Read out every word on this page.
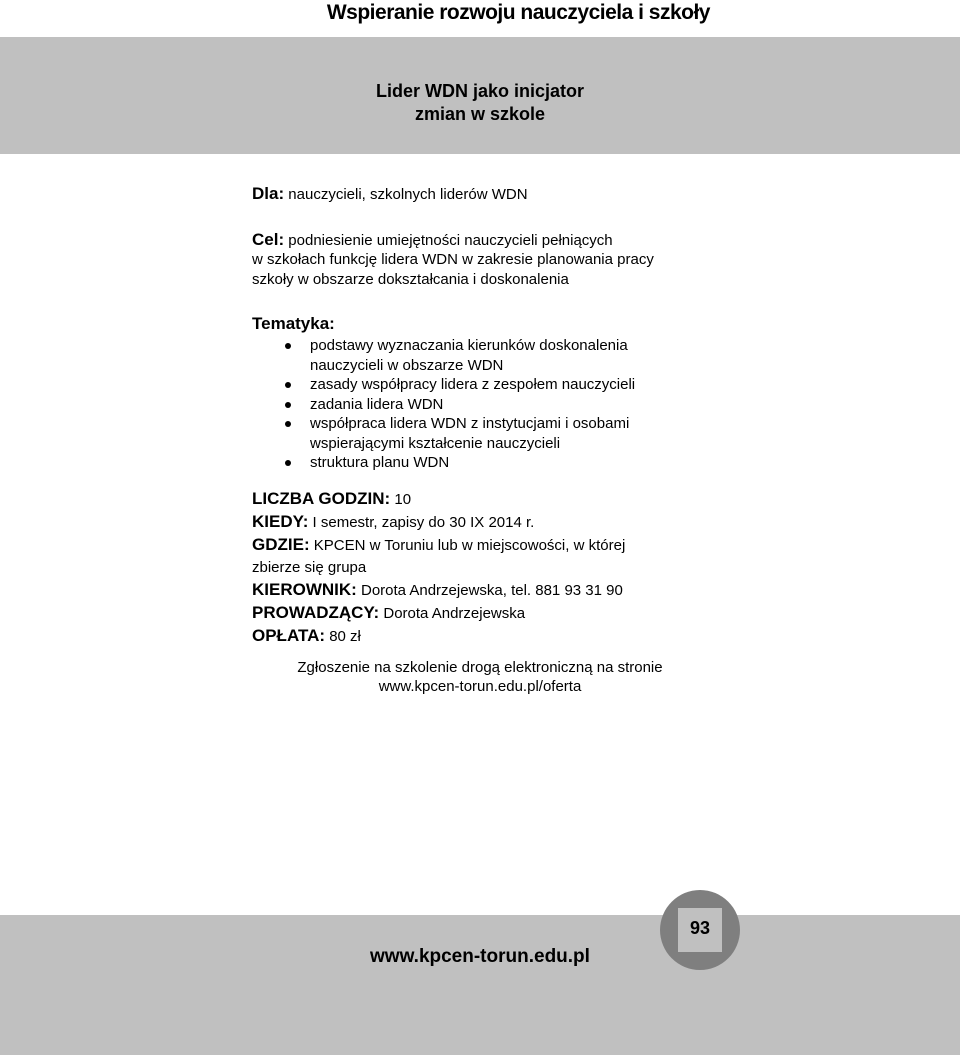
Wspieranie rozwoju nauczyciela i szkoły
Lider WDN jako inicjator
zmian w szkole
Dla: nauczycieli, szkolnych liderów WDN
Cel: podniesienie umiejętności nauczycieli pełniących
w szkołach funkcję lidera WDN w zakresie planowania pracy
szkoły w obszarze dokształcania i doskonalenia
Tematyka:
podstawy wyznaczania kierunków doskonalenia
nauczycieli w obszarze WDN
zasady współpracy lidera z zespołem nauczycieli
zadania lidera WDN
współpraca lidera WDN z instytucjami i osobami
wspierającymi kształcenie nauczycieli
struktura planu WDN
LICZBA GODZIN: 10
KIEDY: I semestr, zapisy do 30 IX 2014 r.
GDZIE: KPCEN w Toruniu lub w miejscowości, w której
zbierze się grupa
KIEROWNIK: Dorota Andrzejewska, tel. 881 93 31 90
PROWADZĄCY: Dorota Andrzejewska
OPŁATA: 80 zł
Zgłoszenie na szkolenie drogą elektroniczną na stronie
www.kpcen-torun.edu.pl/oferta
www.kpcen-torun.edu.pl
93
